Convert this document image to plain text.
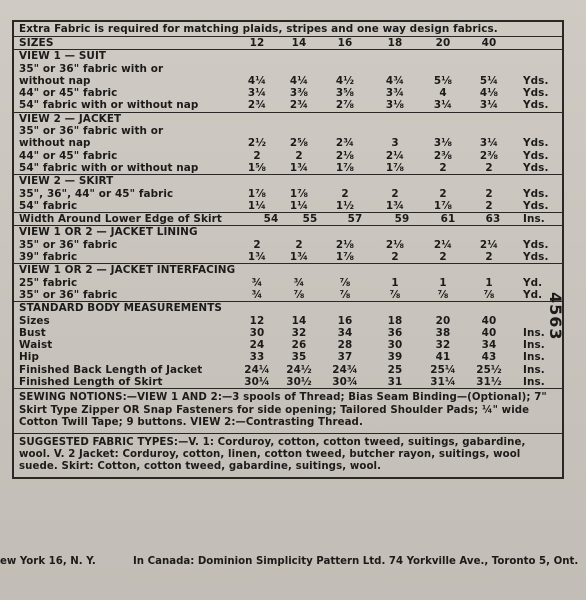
Extra Fabric is required for matching plaids, stripes and one way design fabrics.
SIZES	12	14	16	18	20	40
VIEW 1 — SUIT
35" or 36" fabric with or
without nap	4¼	4¼	4½	4¾	5⅛	5¼	Yds.
44" or 45" fabric	3¼	3⅜	3⅝	3¾	4	4⅛	Yds.
54" fabric with or without nap	2¾	2¾	2⅞	3⅛	3¼	3¼	Yds.
VIEW 2 — JACKET
35" or 36" fabric with or
without nap	2½	2⅝	2¾	3	3⅛	3¼	Yds.
44" or 45" fabric	2	2	2⅛	2¼	2⅜	2⅜	Yds.
54" fabric with or without nap	1⅝	1¾	1⅞	1⅞	2	2	Yds.
VIEW 2 — SKIRT
35", 36", 44" or 45" fabric	1⅞	1⅞	2	2	2	2	Yds.
54" fabric	1¼	1¼	1½	1¾	1⅞	2	Yds.
Width Around Lower Edge of Skirt	54	55	57	59	61	63	Ins.
VIEW 1 OR 2 — JACKET LINING
35" or 36" fabric	2	2	2⅛	2⅛	2¼	2¼	Yds.
39" fabric	1¾	1¾	1⅞	2	2	2	Yds.
VIEW 1 OR 2 — JACKET INTERFACING
25" fabric	¾	¾	⅞	1	1	1	Yd.
35" or 36" fabric	¾	⅞	⅞	⅞	⅞	⅞	Yd.
STANDARD BODY MEASUREMENTS
Sizes	12	14	16	18	20	40
Bust	30	32	34	36	38	40	Ins.
Waist	24	26	28	30	32	34	Ins.
Hip	33	35	37	39	41	43	Ins.
Finished Back Length of Jacket	24¼ 24½ 24¾	25	25¼ 25½ Ins.
Finished Length of Skirt	30¼ 30½ 30¾	31	31¼ 31½ Ins.
SEWING NOTIONS:—VIEW 1 AND 2:—3 spools of Thread; Bias Seam Binding—(Optional); 7" Skirt Type Zipper OR Snap Fasteners for side opening; Tailored Shoulder Pads; ¼" wide Cotton Twill Tape; 9 buttons. VIEW 2:—Contrasting Thread.
SUGGESTED FABRIC TYPES:—V. 1: Corduroy, cotton, cotton tweed, suitings, gabardine, wool. V. 2 Jacket: Corduroy, cotton, linen, cotton tweed, butcher rayon, suitings, wool suede. Skirt: Cotton, cotton tweed, gabardine, suitings, wool.
ew York 16, N. Y.	In Canada: Dominion Simplicity Pattern Ltd. 74 Yorkville Ave., Toronto 5, Ont.
4563
